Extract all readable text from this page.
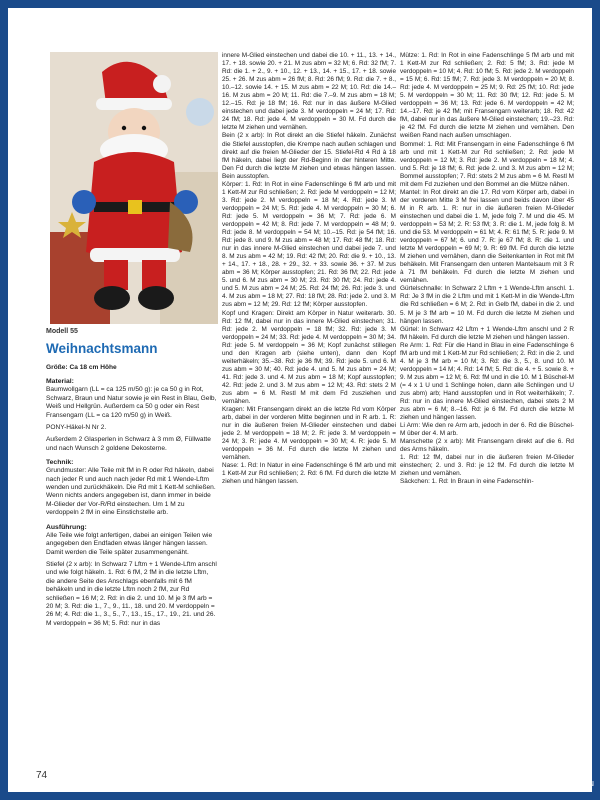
Modell 55
Weihnachtsmann

Größe: Ca 18 cm Höhe

Material:

Baumwollgarn (LL = ca 125 m/50 g): je ca 50 g in Rot, Schwarz, Braun und Natur sowie je ein Rest in Blau, Gelb, Weiß und Hellgrün. Außerdem ca 50 g oder ein Rest Fransengarn (LL = ca 120 m/50 g) in Weiß.

PONY-Häkel-N Nr 2.

Außerdem 2 Glasperlen in Schwarz à 3 mm Ø, Füllwatte und nach Wunsch 2 goldene Dekosterne.

Technik:

Grundmuster: Alle Teile mit fM in R oder Rd häkeln, dabei nach jeder R und auch nach jeder Rd mit 1 Wende-Lftm wenden und zurückhäkeln. Die Rd mit 1 Kett-M schließen. Wenn nichts anders angegeben ist, dann immer in beide M-Glieder der Vor-R/Rd einstechen. Um 1 M zu verdoppeln 2 fM in eine Einstichstelle arb.

Ausführung:

Alle Teile wie folgt anfertigen, dabei an einigen Teilen wie angegeben den Endfaden etwas länger hängen lassen. Damit werden die Teile später zusammengenäht.

Stiefel (2 x arb): In Schwarz 7 Lftm + 1 Wende-Lftm anschl und wie folgt häkeln. 1. Rd: 6 fM, 2 fM in die letzte Lftm, die andere Seite des Anschlags ebenfalls mit 6 fM behäkeln und in die letzte Lftm noch 2 fM, zur Rd schließen = 16 M; 2. Rd: in die 2. und 10. M je 3 fM arb = 20 M; 3. Rd: die 1., 7., 9., 11., 18. und 20. M verdoppeln = 26 M; 4. Rd: die 1., 3., 5., 7., 13., 15., 17., 19., 21. und 26. M verdoppeln = 36 M; 5. Rd: nur in das

innere M-Glied einstechen und dabei die 10. + 11., 13. + 14., 17. + 18. sowie 20. + 21. M zus abm = 32 M; 6. Rd: 32 fM; 7. Rd: die 1. + 2., 9. + 10., 12. + 13., 14. + 15., 17. + 18. sowie 25. + 26. M zus abm = 26 fM; 8. Rd: 26 fM; 9. Rd: die 7. + 8., 10.–12. sowie 14. + 15. M zus abm = 22 M; 10. Rd: die 14.–16. M zus abm = 20 M; 11. Rd: die 7.–9. M zus abm = 18 M; 12.–15. Rd: je 18 fM; 16. Rd: nur in das äußere M-Glied einstechen und dabei jede 3. M verdoppeln = 24 M; 17. Rd: 24 fM; 18. Rd: jede 4. M verdoppeln = 30 M. Fd durch die letzte M ziehen und vernähen.

Bein (2 x arb): In Rot direkt an die Stiefel häkeln. Zunächst die Stiefel ausstopfen, die Krempe nach außen schlagen und direkt auf die freien M-Glieder der 15. Stiefel-Rd 4 Rd à 18 fM häkeln, dabei liegt der Rd-Beginn in der hinteren Mitte. Den Fd durch die letzte M ziehen und etwas hängen lassen. Bein ausstopfen.

Körper: 1. Rd: In Rot in eine Fadenschlinge 6 fM arb und mit 1 Kett-M zur Rd schließen; 2. Rd: jede M verdoppeln = 12 M; 3. Rd: jede 2. M verdoppeln = 18 M; 4. Rd: jede 3. M verdoppeln = 24 M; 5. Rd: jede 4. M verdoppeln = 30 M; 6. Rd: jede 5. M verdoppeln = 36 M; 7. Rd: jede 6. M verdoppeln = 42 M; 8. Rd: jede 7. M verdoppeln = 48 M; 9. Rd: jede 8. M verdoppeln = 54 M; 10.–15. Rd: je 54 fM; 16. Rd: jede 8. und 9. M zus abm = 48 M; 17. Rd: 48 fM; 18. Rd: nur in das innere M-Glied einstechen und dabei jede 7. und 8. M zus abm = 42 M; 19. Rd: 42 fM; 20. Rd: die 9. + 10., 13. + 14., 17. + 18., 28. + 29., 32. + 33. sowie 36. + 37. M zus abm = 36 M; Körper ausstopfen; 21. Rd: 36 fM; 22. Rd: jede 5. und 6. M zus abm = 30 M; 23. Rd: 30 fM; 24. Rd: jede 4. und 5. M zus abm = 24 M; 25. Rd: 24 fM; 26. Rd: jede 3. und 4. M zus abm = 18 M; 27. Rd: 18 fM; 28. Rd: jede 2. und 3. M zus abm = 12 M; 29. Rd: 12 fM; Körper ausstopfen.

Kopf und Kragen: Direkt am Körper in Natur weiterarb. 30. Rd: 12 fM, dabei nur in das innere M-Glied einstechen; 31. Rd: jede 2. M verdoppeln = 18 fM; 32. Rd: jede 3. M verdoppeln = 24 M; 33. Rd: jede 4. M verdoppeln = 30 M; 34. Rd: jede 5. M verdoppeln = 36 M; Kopf zunächst stillegen und den Kragen arb (siehe unten), dann den Kopf weiterhäkeln; 35.–38. Rd: je 36 fM; 39. Rd: jede 5. und 6. M zus abm = 30 M; 40. Rd: jede 4. und 5. M zus abm = 24 M; 41. Rd: jede 3. und 4. M zus abm = 18 M; Kopf ausstopfen; 42. Rd: jede 2. und 3. M zus abm = 12 M; 43. Rd: stets 2 M zus abm = 6 M. Restl M mit dem Fd zusziehen und vernähen.

Kragen: Mit Fransengarn direkt an die letzte Rd vom Körper arb, dabei in der vorderen Mitte beginnen und in R arb. 1. R: nur in die äußeren freien M-Glieder einstechen und dabei jede 2. M verdoppeln = 18 M; 2. R: jede 3. M verdoppeln = 24 M; 3. R: jede 4. M verdoppeln = 30 M; 4. R: jede 5. M verdoppeln = 36 M. Fd durch die letzte M ziehen und vernähen.

Nase: 1. Rd: In Natur in eine Fadenschlinge 6 fM arb und mit 1 Kett-M zur Rd schließen; 2. Rd: 6 fM. Fd durch die letzte M ziehen und hängen lassen.

Mütze: 1. Rd: In Rot in eine Fadenschlinge 5 fM arb und mit 1 Kett-M zur Rd schließen; 2. Rd: 5 fM; 3. Rd: jede M verdoppeln = 10 M; 4. Rd: 10 fM; 5. Rd: jede 2. M verdoppeln = 15 M; 6. Rd: 15 fM; 7. Rd: jede 3. M verdoppeln = 20 M; 8. Rd: jede 4. M verdoppeln = 25 M; 9. Rd: 25 fM; 10. Rd: jede 5. M verdoppeln = 30 M; 11. Rd: 30 fM; 12. Rd: jede 5. M verdoppeln = 36 M; 13. Rd: jede 6. M verdoppeln = 42 M; 14.–17. Rd: je 42 fM; mit Fransengarn weiterarb; 18. Rd: 42 fM, dabei nur in das äußere M-Glied einstechen; 19.–23. Rd: je 42 fM. Fd durch die letzte M ziehen und vernähen. Den weißen Rand nach außen umschlagen.

Bommel: 1. Rd: Mit Fransengarn in eine Fadenschlinge 6 fM arb und mit 1 Kett-M zur Rd schließen; 2. Rd: jede M verdoppeln = 12 M; 3. Rd: jede 2. M verdoppeln = 18 M; 4. und 5. Rd: je 18 fM; 6. Rd: jede 2. und 3. M zus abm = 12 M; Bommel ausstopfen; 7. Rd: stets 2 M zus abm = 6 M. Restl M mit dem Fd zuziehen und den Bommel an die Mütze nähen.

Mantel: In Rot direkt an die 17. Rd vom Körper arb, dabei in der vorderen Mitte 3 M frei lassen und beids davon über 45 M in R arb. 1. R: nur in die äußeren freien M-Glieder einstechen und dabei die 1. M, jede folg 7. M und die 45. M verdoppeln = 53 M; 2. R: 53 fM; 3. R: die 1. M, jede folg 8. M und die 53. M verdoppeln = 61 M; 4. R: 61 fM; 5. R: jede 9. M verdoppeln = 67 M; 6. und 7. R: je 67 fM; 8. R: die 1. und letzte M verdoppeln = 69 M; 9. R: 69 fM. Fd durch die letzte M ziehen und vernähen, dann die Seitenkanten in Rot mit fM behäkeln. Mit Fransengarn den unteren Mantelsaum mit 3 R à 71 fM behäkeln. Fd durch die letzte M ziehen und vernähen.

Gürtelschnalle: In Schwarz 2 Lftm + 1 Wende-Lftm anschl. 1. Rd: Je 3 fM in die 2 Lftm und mit 1 Kett-M in die Wende-Lftm die Rd schließen = 6 M; 2. Rd: in Gelb fM, dabei in die 2. und 5. M je 3 fM arb = 10 M. Fd durch die letzte M ziehen und hängen lassen.

Gürtel: In Schwarz 42 Lftm + 1 Wende-Lftm anschl und 2 R fM häkeln. Fd durch die letzte M ziehen und hängen lassen.

Re Arm: 1. Rd: Für die Hand in Blau in eine Fadenschlinge 6 fM arb und mit 1 Kett-M zur Rd schließen; 2. Rd: in die 2. und 4. M je 3 fM arb = 10 M; 3. Rd: die 3., 5., 8. und 10. M verdoppeln = 14 M; 4. Rd: 14 fM; 5. Rd: die 4. + 5. sowie 8. + 9. M zus abm = 12 M; 6. Rd: fM und in die 10. M 1 Büschel-M (= 4 x 1 U und 1 Schlinge holen, dann alle Schlingen und U zus abm) arb; Hand ausstopfen und in Rot weiterhäkeln; 7. Rd: nur in das innere M-Glied einstechen, dabei stets 2 M zus abm = 6 M; 8.–16. Rd: je 6 fM. Fd durch die letzte M ziehen und hängen lassen.

Li Arm: Wie den re Arm arb, jedoch in der 6. Rd die Büschel-M über der 4. M arb.

Manschette (2 x arb): Mit Fransengarn direkt auf die 6. Rd des Arms häkeln.

1. Rd: 12 fM, dabei nur in die äußeren freien M-Glieder einstechen; 2. und 3. Rd: je 12 fM. Fd durch die letzte M ziehen und vernähen.

Säckchen: 1. Rd: In Braun in eine Fadenschlin-

74
PassionForum.ru
